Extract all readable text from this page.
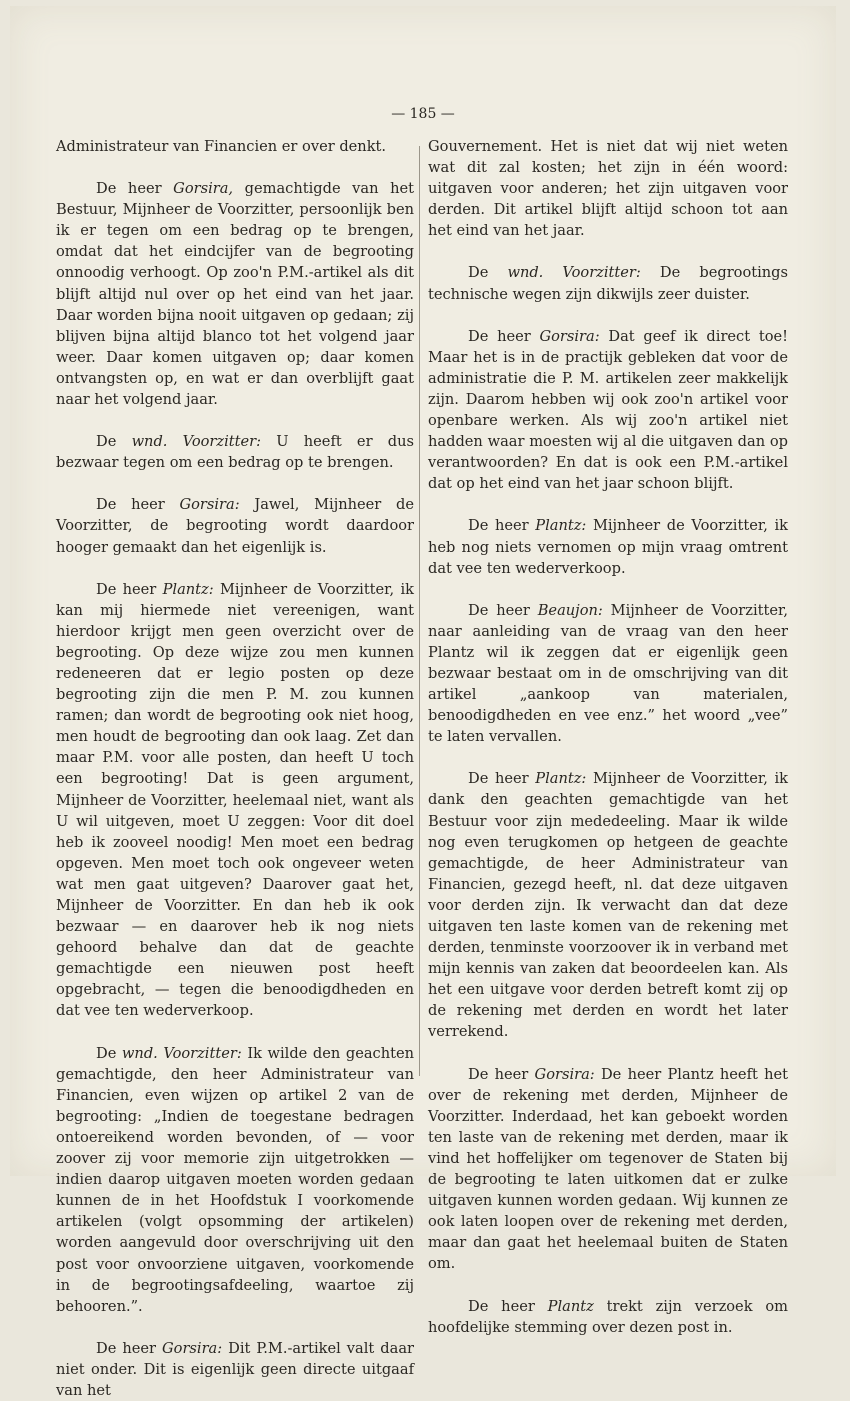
— 185 —

Administrateur van Financien er over denkt.

De heer Gorsira, gemachtigde van het Bestuur, Mijnheer de Voorzitter, persoonlijk ben ik er tegen om een bedrag op te brengen, omdat dat het eindcijfer van de begrooting onnoodig verhoogt. Op zoo'n P.M.-artikel als dit blijft altijd nul over op het eind van het jaar. Daar worden bijna nooit uitgaven op gedaan; zij blijven bijna altijd blanco tot het volgend jaar weer. Daar komen uitgaven op; daar komen ontvangsten op, en wat er dan overblijft gaat naar het volgend jaar.

De wnd. Voorzitter: U heeft er dus bezwaar tegen om een bedrag op te brengen.

De heer Gorsira: Jawel, Mijnheer de Voorzitter, de begrooting wordt daardoor hooger gemaakt dan het eigenlijk is.

De heer Plantz: Mijnheer de Voorzitter, ik kan mij hiermede niet vereenigen, want hierdoor krijgt men geen overzicht over de begrooting. Op deze wijze zou men kunnen redeneeren dat er legio posten op deze begrooting zijn die men P. M. zou kunnen ramen; dan wordt de begrooting ook niet hoog, men houdt de begrooting dan ook laag. Zet dan maar P.M. voor alle posten, dan heeft U toch een begrooting! Dat is geen argument, Mijnheer de Voorzitter, heelemaal niet, want als U wil uitgeven, moet U zeggen: Voor dit doel heb ik zooveel noodig! Men moet een bedrag opgeven. Men moet toch ook ongeveer weten wat men gaat uitgeven? Daarover gaat het, Mijnheer de Voorzitter. En dan heb ik ook bezwaar — en daarover heb ik nog niets gehoord behalve dan dat de geachte gemachtigde een nieuwen post heeft opgebracht, — tegen die benoodigdheden en dat vee ten wederverkoop.

De wnd. Voorzitter: Ik wilde den geachten gemachtigde, den heer Administrateur van Financien, even wijzen op artikel 2 van de begrooting: „Indien de toegestane bedragen ontoereikend worden bevonden, of — voor zoover zij voor memorie zijn uitgetrokken — indien daarop uitgaven moeten worden gedaan kunnen de in het Hoofdstuk I voorkomende artikelen (volgt opsomming der artikelen) worden aangevuld door overschrijving uit den post voor onvoorziene uitgaven, voorkomende in de begrootingsafdeeling, waartoe zij behooren.”.

De heer Gorsira: Dit P.M.-artikel valt daar niet onder. Dit is eigenlijk geen directe uitgaaf van het

Gouvernement. Het is niet dat wij niet weten wat dit zal kosten; het zijn in één woord: uitgaven voor anderen; het zijn uitgaven voor derden. Dit artikel blijft altijd schoon tot aan het eind van het jaar.

De wnd. Voorzitter: De begrootings technische wegen zijn dikwijls zeer duister.

De heer Gorsira: Dat geef ik direct toe! Maar het is in de practijk gebleken dat voor de administratie die P. M. artikelen zeer makkelijk zijn. Daarom hebben wij ook zoo'n artikel voor openbare werken. Als wij zoo'n artikel niet hadden waar moesten wij al die uitgaven dan op verantwoorden? En dat is ook een P.M.-artikel dat op het eind van het jaar schoon blijft.

De heer Plantz: Mijnheer de Voorzitter, ik heb nog niets vernomen op mijn vraag omtrent dat vee ten wederverkoop.

De heer Beaujon: Mijnheer de Voorzitter, naar aanleiding van de vraag van den heer Plantz wil ik zeggen dat er eigenlijk geen bezwaar bestaat om in de omschrijving van dit artikel „aankoop van materialen, benoodigdheden en vee enz.” het woord „vee” te laten vervallen.

De heer Plantz: Mijnheer de Voorzitter, ik dank den geachten gemachtigde van het Bestuur voor zijn mededeeling. Maar ik wilde nog even terugkomen op hetgeen de geachte gemachtigde, de heer Administrateur van Financien, gezegd heeft, nl. dat deze uitgaven voor derden zijn. Ik verwacht dan dat deze uitgaven ten laste komen van de rekening met derden, tenminste voorzoover ik in verband met mijn kennis van zaken dat beoordeelen kan. Als het een uitgave voor derden betreft komt zij op de rekening met derden en wordt het later verrekend.

De heer Gorsira: De heer Plantz heeft het over de rekening met derden, Mijnheer de Voorzitter. Inderdaad, het kan geboekt worden ten laste van de rekening met derden, maar ik vind het hoffelijker om tegenover de Staten bij de begrooting te laten uitkomen dat er zulke uitgaven kunnen worden gedaan. Wij kunnen ze ook laten loopen over de rekening met derden, maar dan gaat het heelemaal buiten de Staten om.

De heer Plantz trekt zijn verzoek om hoofdelijke stemming over dezen post in.
